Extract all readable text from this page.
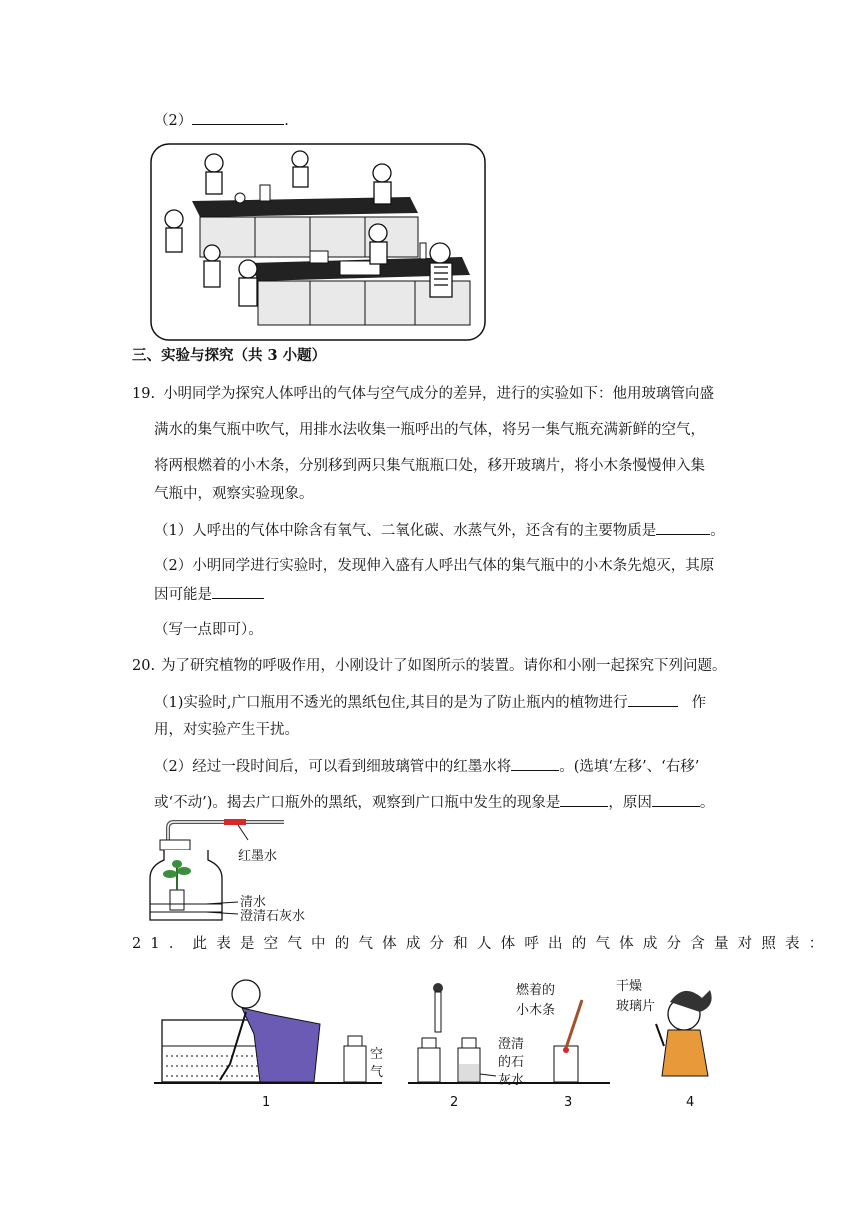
（2）	.
三、实验与探究（共 3 小题）
19. 小明同学为探究人体呼出的气体与空气成分的差异，进行的实验如下：他用玻璃管向盛
满水的集气瓶中吹气，用排水法收集一瓶呼出的气体，将另一集气瓶充满新鲜的空气，
将两根燃着的小木条，分别移到两只集气瓶瓶口处，移开玻璃片，将小木条慢慢伸入集
气瓶中，观察实验现象。
（1）人呼出的气体中除含有氧气、二氧化碳、水蒸气外，还含有的主要物质是	。
（2）小明同学进行实验时，发现伸入盛有人呼出气体的集气瓶中的小木条先熄灭，其原
因可能是
（写一点即可）。
20. 为了研究植物的呼吸作用，小刚设计了如图所示的装置。请你和小刚一起探究下列问题。
（1)实验时,广口瓶用不透光的黑纸包住,其目的是为了防止瓶内的植物进行	作
用，对实验产生干扰。
（2）经过一段时间后，可以看到细玻璃管中的红墨水将	。(选填‘左移’、‘右移’
或‘不动’)。揭去广口瓶外的黑纸，观察到广口瓶中发生的现象是	，原因	。
红墨水
清水
澄清石灰水
21．此表是空气中的气体成分和人体呼出的气体成分含量对照表：
空
气
澄清
的石
灰水
燃着的
小木条
干燥
玻璃片
1	2	3	4
